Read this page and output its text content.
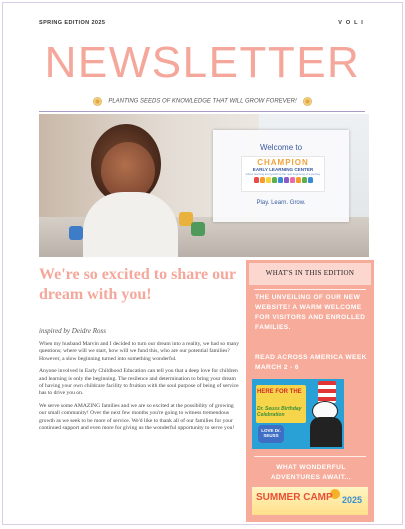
SPRING EDITION 2025	V O L I
NEWSLETTER
PLANTING SEEDS OF KNOWLEDGE THAT WILL GROW FOREVER!
Welcome to
CHAMPION
EARLY LEARNING CENTER
where learning and growth is the new beginning of a journey
Play. Learn. Grow.
We're so excited to share our dream with you!
inspired by Deidre Ross

When my husband Marvin and I decided to turn our dream into a reality, we had so many questions; where will we start, how will we fund this, who are our potential families? However, a slow beginning turned into something wonderful.

Anyone involved in Early Childhood Education can tell you that a deep love for children and learning is only the beginning. The resilence and determination to bring your dream of having your own childcare facility to fruition with the soul purpose of being of service has to drive you on.

We serve some AMAZING families and we are so excited at the possibility of growing our small community! Over the next few months you're going to witness tremendous growth as we seek to be more of service. We'd like to thank all of our families for your continued support and even more for giving us the wonderful opportunity to serve you!

WHAT'S IN THIS EDITION
THE UNVEILING OF OUR NEW WEBSITE! A WARM WELCOME FOR VISITORS AND ENROLLED FAMILIES.
READ ACROSS AMERICA WEEK MARCH 2 - 6
HERE FOR THE
Dr. Seuss Birthday Celebration
LOVE Dr. SEUSS
WHAT WONDERFUL ADVENTURES AWAIT...
SUMMER CAMP 2025
